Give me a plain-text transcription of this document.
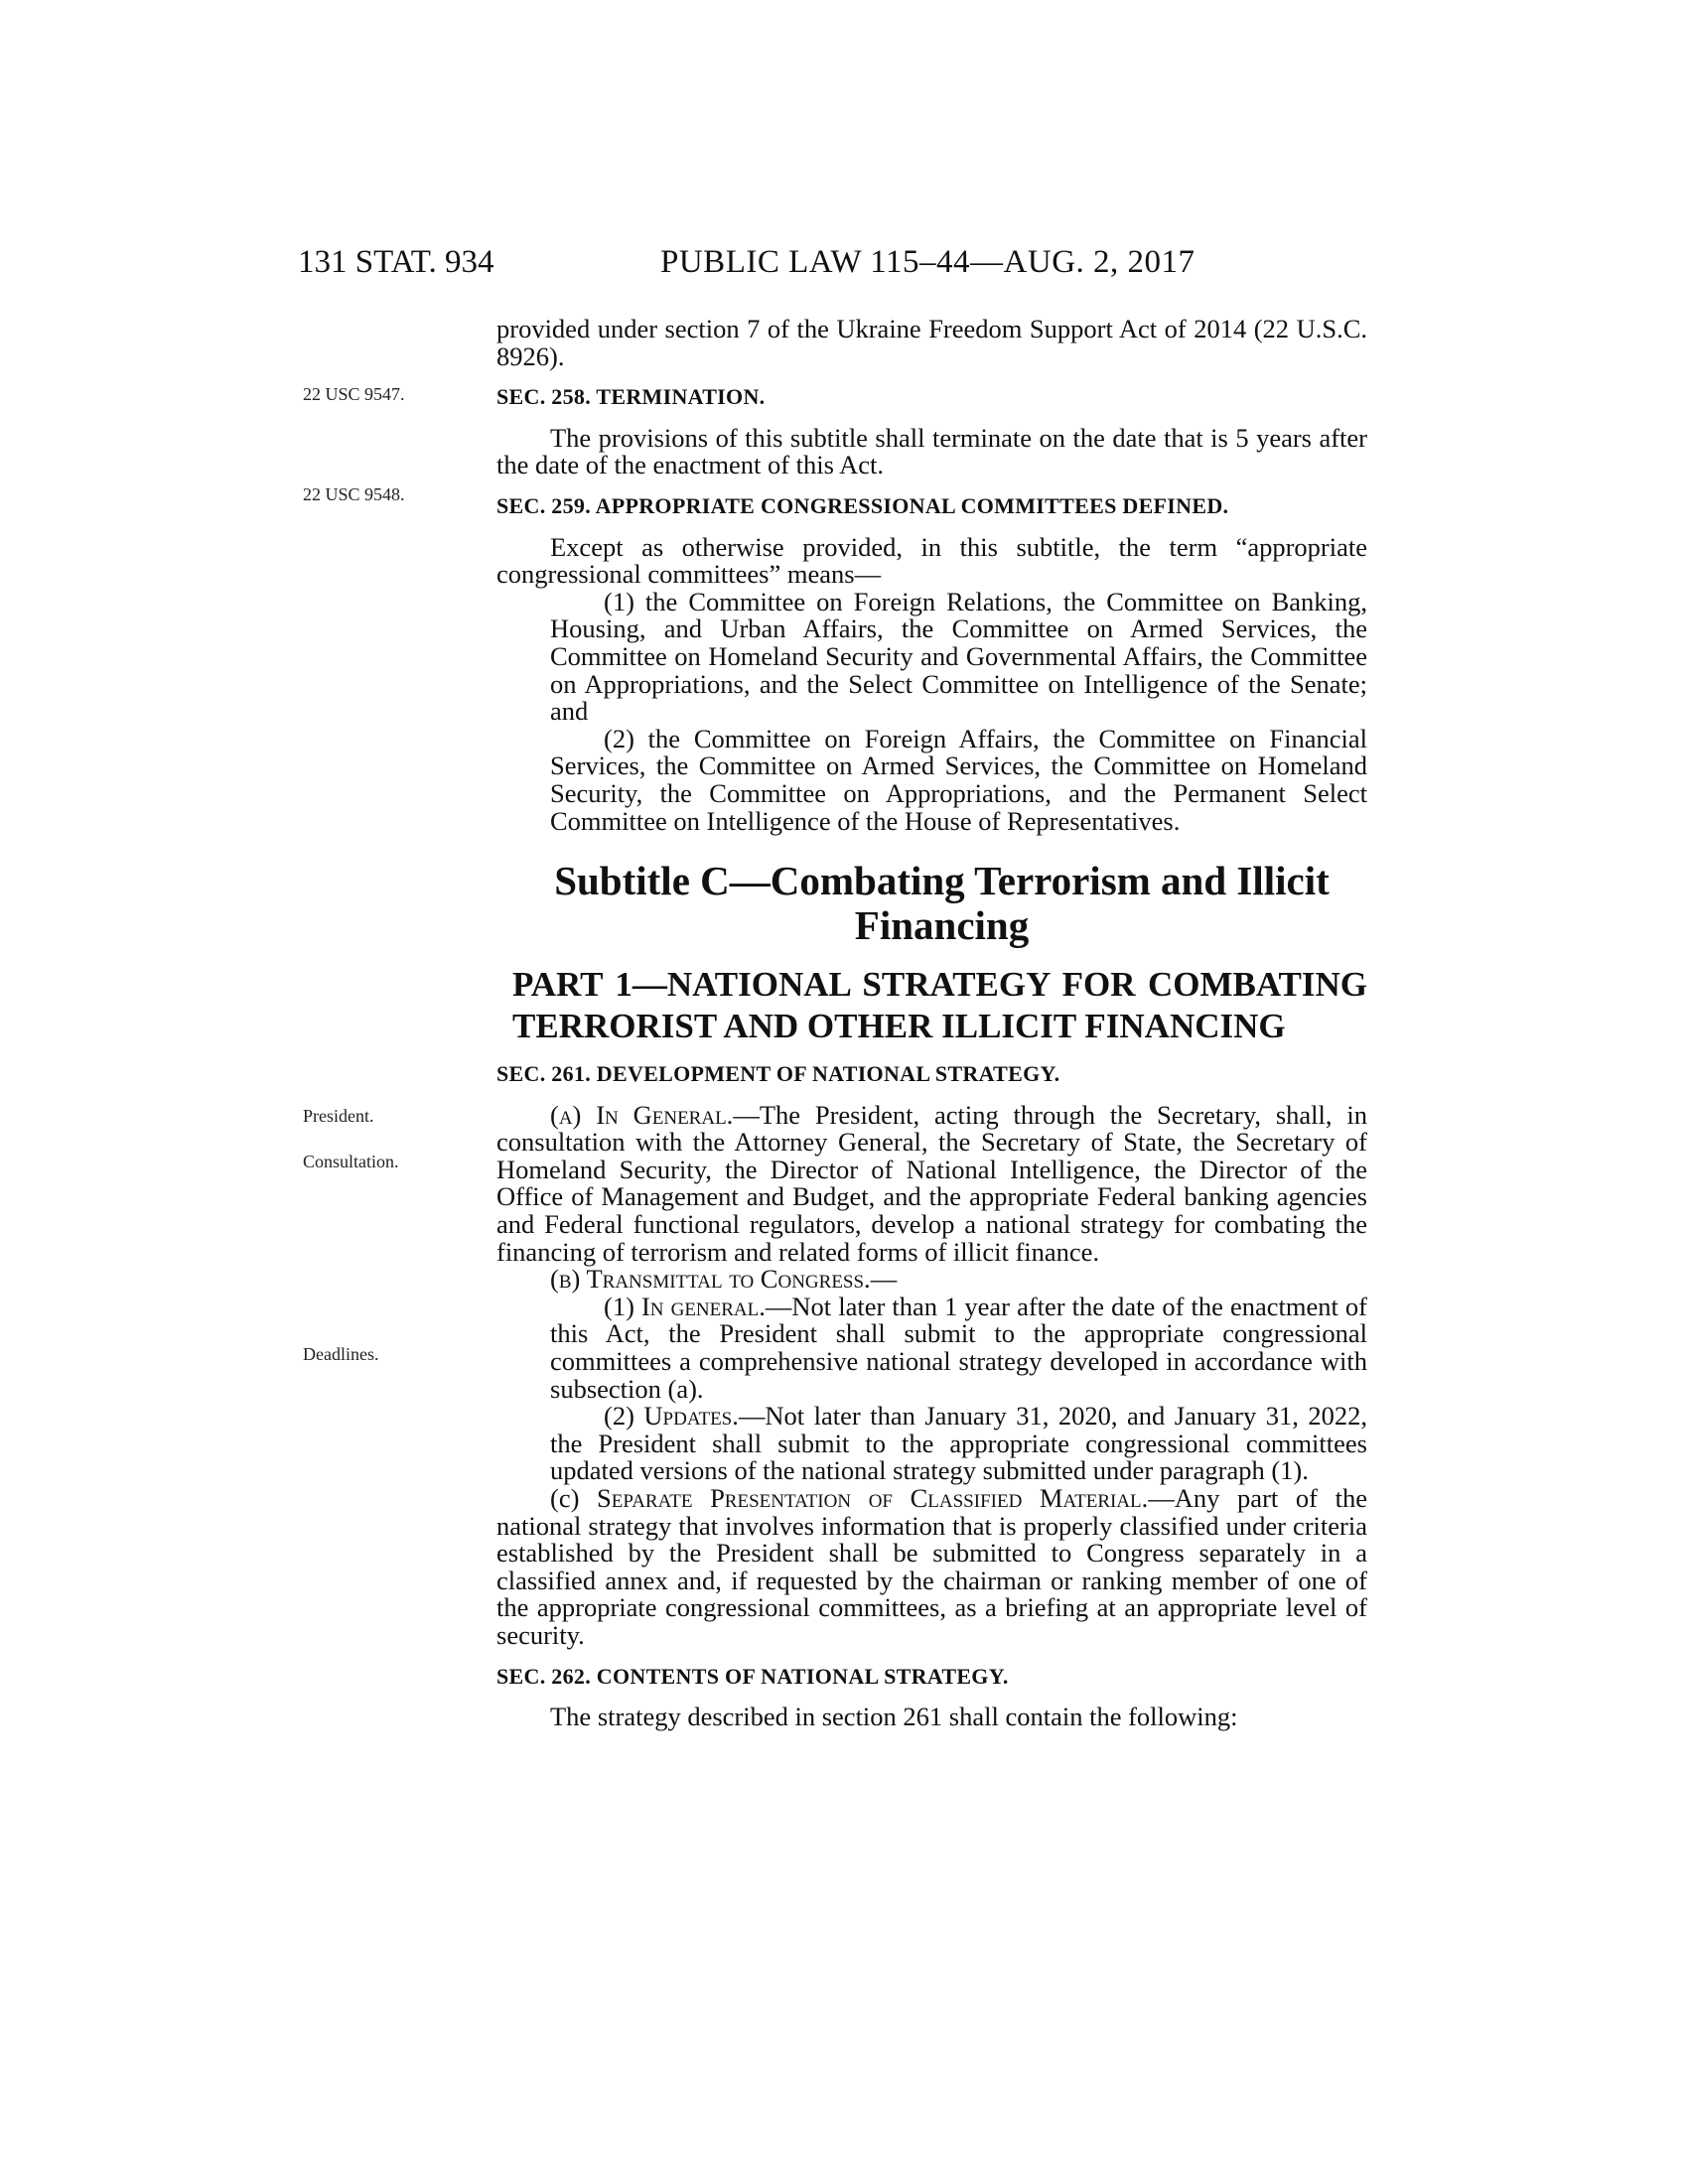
131 STAT. 934	PUBLIC LAW 115–44—AUG. 2, 2017
22 USC 9547.
22 USC 9548.
President.
Consultation.
Deadlines.

provided under section 7 of the Ukraine Freedom Support Act of 2014 (22 U.S.C. 8926).

SEC. 258. TERMINATION.

The provisions of this subtitle shall terminate on the date that is 5 years after the date of the enactment of this Act.

SEC. 259. APPROPRIATE CONGRESSIONAL COMMITTEES DEFINED.

Except as otherwise provided, in this subtitle, the term “appropriate congressional committees” means—

(1) the Committee on Foreign Relations, the Committee on Banking, Housing, and Urban Affairs, the Committee on Armed Services, the Committee on Homeland Security and Governmental Affairs, the Committee on Appropriations, and the Select Committee on Intelligence of the Senate; and

(2) the Committee on Foreign Affairs, the Committee on Financial Services, the Committee on Armed Services, the Committee on Homeland Security, the Committee on Appropriations, and the Permanent Select Committee on Intelligence of the House of Representatives.

Subtitle C—Combating Terrorism and Illicit Financing

PART 1—NATIONAL STRATEGY FOR COMBATING TERRORIST AND OTHER ILLICIT FINANCING

SEC. 261. DEVELOPMENT OF NATIONAL STRATEGY.

(a) In General.—The President, acting through the Secretary, shall, in consultation with the Attorney General, the Secretary of State, the Secretary of Homeland Security, the Director of National Intelligence, the Director of the Office of Management and Budget, and the appropriate Federal banking agencies and Federal functional regulators, develop a national strategy for combating the financing of terrorism and related forms of illicit finance.

(b) Transmittal to Congress.—

(1) In general.—Not later than 1 year after the date of the enactment of this Act, the President shall submit to the appropriate congressional committees a comprehensive national strategy developed in accordance with subsection (a).

(2) Updates.—Not later than January 31, 2020, and January 31, 2022, the President shall submit to the appropriate congressional committees updated versions of the national strategy submitted under paragraph (1).

(c) Separate Presentation of Classified Material.—Any part of the national strategy that involves information that is properly classified under criteria established by the President shall be submitted to Congress separately in a classified annex and, if requested by the chairman or ranking member of one of the appropriate congressional committees, as a briefing at an appropriate level of security.

SEC. 262. CONTENTS OF NATIONAL STRATEGY.

The strategy described in section 261 shall contain the following:
